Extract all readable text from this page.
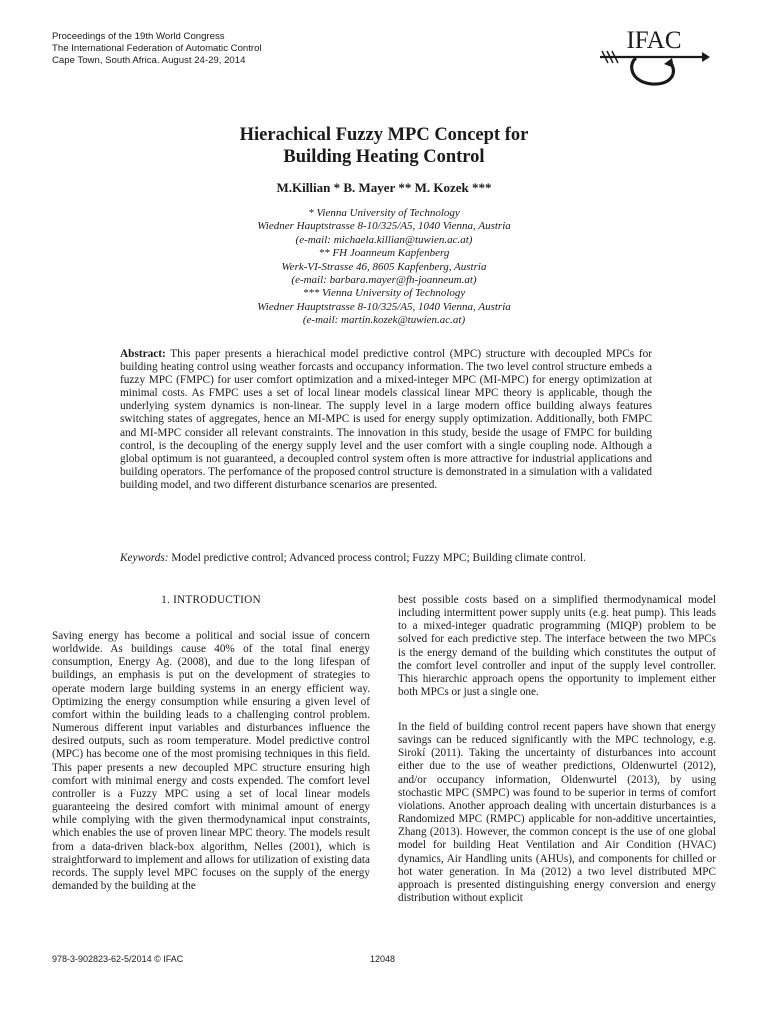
Proceedings of the 19th World Congress
The International Federation of Automatic Control
Cape Town, South Africa. August 24-29, 2014
IFAC
Hierachical Fuzzy MPC Concept for
Building Heating Control
M.Killian * B. Mayer ** M. Kozek ***
* Vienna University of Technology
Wiedner Hauptstrasse 8-10/325/A5, 1040 Vienna, Austria
(e-mail: michaela.killian@tuwien.ac.at)
** FH Joanneum Kapfenberg
Werk-VI-Strasse 46, 8605 Kapfenberg, Austria
(e-mail: barbara.mayer@fh-joanneum.at)
*** Vienna University of Technology
Wiedner Hauptstrasse 8-10/325/A5, 1040 Vienna, Austria
(e-mail: martin.kozek@tuwien.ac.at)
Abstract: This paper presents a hierachical model predictive control (MPC) structure with decoupled MPCs for building heating control using weather forcasts and occupancy information. The two level control structure embeds a fuzzy MPC (FMPC) for user comfort optimization and a mixed-integer MPC (MI-MPC) for energy optimization at minimal costs. As FMPC uses a set of local linear models classical linear MPC theory is applicable, though the underlying system dynamics is non-linear. The supply level in a large modern office building always features switching states of aggregates, hence an MI-MPC is used for energy supply optimization. Additionally, both FMPC and MI-MPC consider all relevant constraints. The innovation in this study, beside the usage of FMPC for building control, is the decoupling of the energy supply level and the user comfort with a single coupling node. Although a global optimum is not guaranteed, a decoupled control system often is more attractive for industrial applications and building operators. The perfomance of the proposed control structure is demonstrated in a simulation with a validated building model, and two different disturbance scenarios are presented.
Keywords: Model predictive control; Advanced process control; Fuzzy MPC; Building climate control.
1. INTRODUCTION
Saving energy has become a political and social issue of concern worldwide. As buildings cause 40% of the total final energy consumption, Energy Ag. (2008), and due to the long lifespan of buildings, an emphasis is put on the development of strategies to operate modern large building systems in an energy efficient way. Optimizing the energy consumption while ensuring a given level of comfort within the building leads to a challenging control problem. Numerous different input variables and disturbances influence the desired outputs, such as room temperature. Model predictive control (MPC) has become one of the most promising techniques in this field. This paper presents a new decoupled MPC structure ensuring high comfort with minimal energy and costs expended. The comfort level controller is a Fuzzy MPC using a set of local linear models guaranteeing the desired comfort with minimal amount of energy while complying with the given thermodynamical input constraints, which enables the use of proven linear MPC theory. The models result from a data-driven black-box algorithm, Nelles (2001), which is straightforward to implement and allows for utilization of existing data records. The supply level MPC focuses on the supply of the energy demanded by the building at the
best possible costs based on a simplified thermodynamical model including intermittent power supply units (e.g. heat pump). This leads to a mixed-integer quadratic programming (MIQP) problem to be solved for each predictive step. The interface between the two MPCs is the energy demand of the building which constitutes the output of the comfort level controller and input of the supply level controller. This hierarchic approach opens the opportunity to implement either both MPCs or just a single one.
In the field of building control recent papers have shown that energy savings can be reduced significantly with the MPC technology, e.g. Sirokí (2011). Taking the uncertainty of disturbances into account either due to the use of weather predictions, Oldenwurtel (2012), and/or occupancy information, Oldenwurtel (2013), by using stochastic MPC (SMPC) was found to be superior in terms of comfort violations. Another approach dealing with uncertain disturbances is a Randomized MPC (RMPC) applicable for non-additive uncertainties, Zhang (2013). However, the common concept is the use of one global model for building Heat Ventilation and Air Condition (HVAC) dynamics, Air Handling units (AHUs), and components for chilled or hot water generation. In Ma (2012) a two level distributed MPC approach is presented distinguishing energy conversion and energy distribution without explicit
978-3-902823-62-5/2014 © IFAC	12048
